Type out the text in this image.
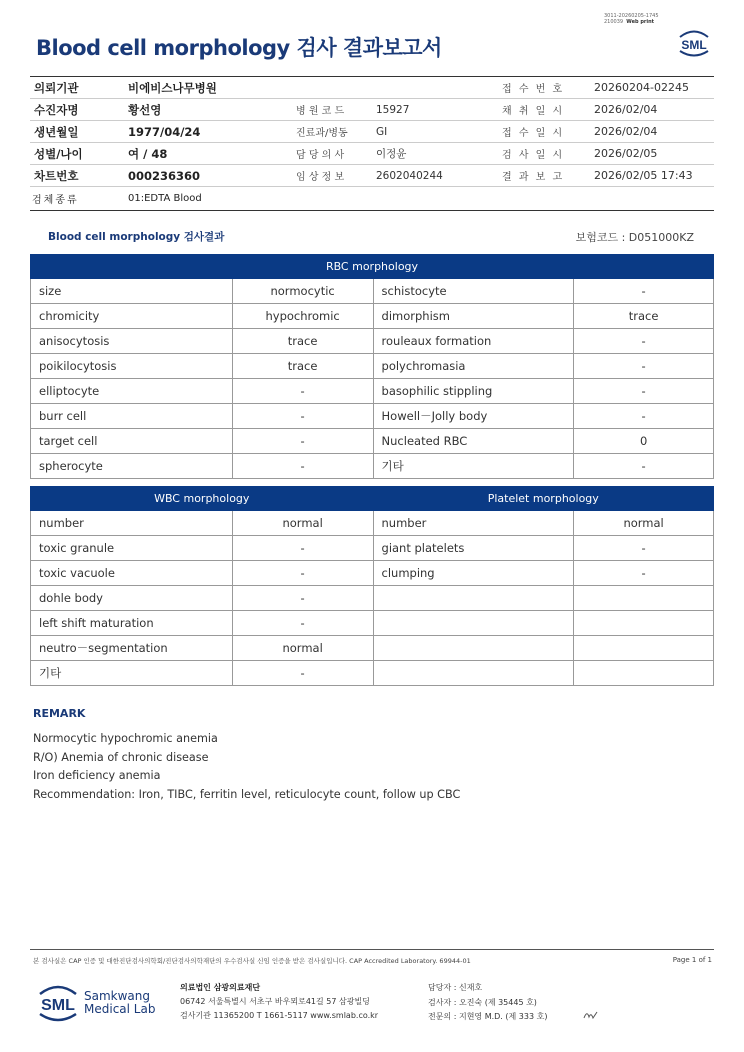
3011-20260205-1745
210039 Web print
Blood cell morphology 검사 결과보고서	SML
의뢰기관	비에비스나무병원	접 수 번 호	20260204-02245
수진자명	황선영	병 원 코 드	15927	채 취 일 시	2026/02/04
생년월일	1977/04/24	진료과/병동	GI	접 수 일 시	2026/02/04
성별/나이	여 / 48	담 당 의 사	이정윤	검 사 일 시	2026/02/05
차트번호	000236360	임 상 정 보	2602040244	결 과 보 고	2026/02/05 17:43
검체종류	01:EDTA Blood
Blood cell morphology 검사결과	보험코드 : D051000KZ
RBC morphology			
size	normocytic	schistocyte	-
chromicity	hypochromic	dimorphism	trace
anisocytosis	trace	rouleaux formation	-
poikilocytosis	trace	polychromasia	-
elliptocyte	-	basophilic stippling	-
burr cell	-	Howell－Jolly body	-
target cell	-	Nucleated RBC	0
spherocyte	-	기타	-
WBC morphology		Platelet morphology	
number	normal	number	normal
toxic granule	-	giant platelets	-
toxic vacuole	-	clumping	-
dohle body	-		
left shift maturation	-		
neutro－segmentation	normal		
기타	-		
REMARK
Normocytic hypochromic anemia
R/O) Anemia of chronic disease
Iron deficiency anemia
Recommendation: Iron, TIBC, ferritin level, reticulocyte count, follow up CBC
본 검사실은 CAP 인증 및 대한진단검사의학회/진단검사의학재단의 우수검사실 신임 인증을 받은 검사실입니다. CAP Accredited Laboratory. 69944-01	Page 1 of 1
SML
Samkwang
Medical Lab
의료법인 삼광의료재단
06742 서울특별시 서초구 바우뫼로41길 57 삼광빌딩
검사기관 11365200 T 1661-5117 www.smlab.co.kr
담당자 : 신재호
검사자 : 오진숙 (제 35445 호)
전문의 : 지현영 M.D. (제 333 호)
